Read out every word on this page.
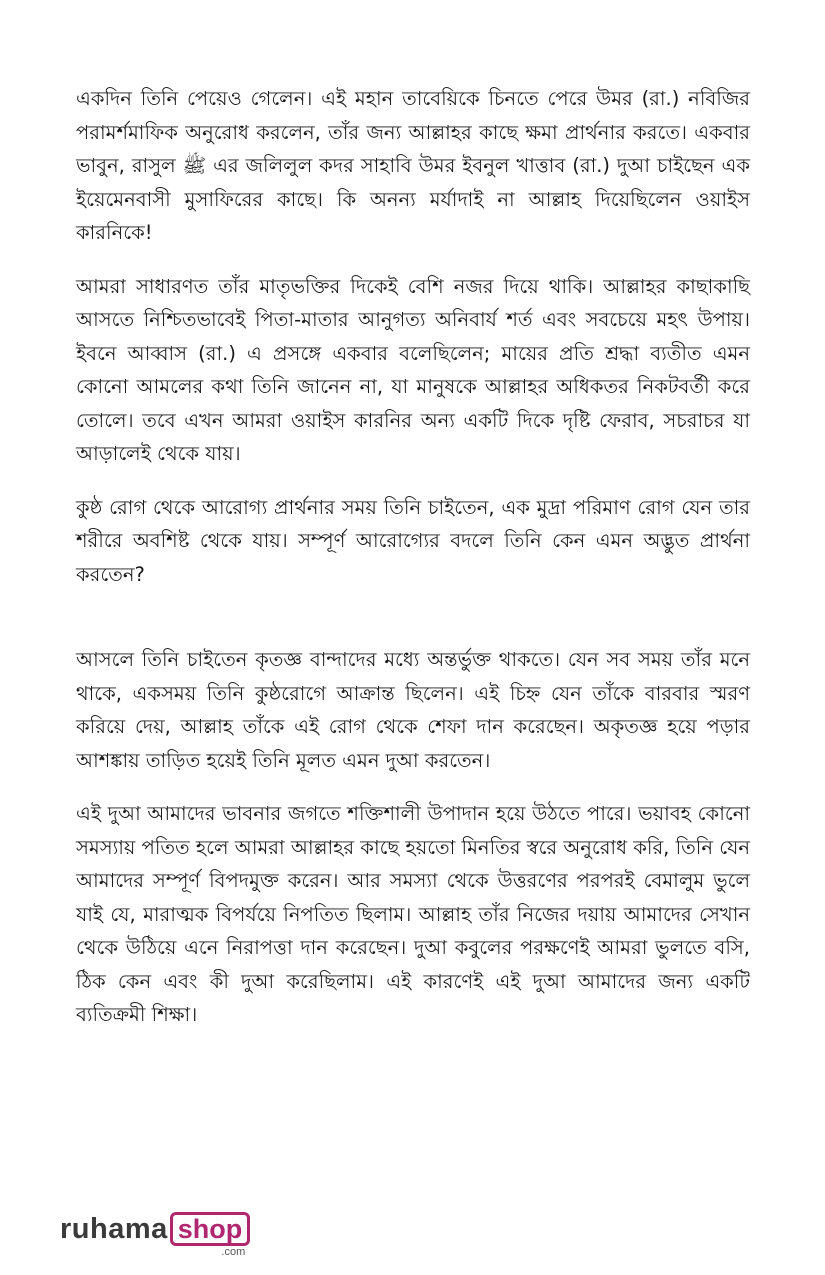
একদিন তিনি পেয়েও গেলেন। এই মহান তাবেয়িকে চিনতে পেরে উমর (রা.) নবিজির পরামর্শমাফিক অনুরোধ করলেন, তাঁর জন্য আল্লাহর কাছে ক্ষমা প্রার্থনার করতে। একবার ভাবুন, রাসুল ﷺ এর জলিলুল কদর সাহাবি উমর ইবনুল খাত্তাব (রা.) দুআ চাইছেন এক ইয়েমেনবাসী মুসাফিরের কাছে। কি অনন্য মর্যাদাই না আল্লাহ দিয়েছিলেন ওয়াইস কারনিকে!

আমরা সাধারণত তাঁর মাতৃভক্তির দিকেই বেশি নজর দিয়ে থাকি। আল্লাহর কাছাকাছি আসতে নিশ্চিতভাবেই পিতা-মাতার আনুগত্য অনিবার্য শর্ত এবং সবচেয়ে মহৎ উপায়। ইবনে আব্বাস (রা.) এ প্রসঙ্গে একবার বলেছিলেন; মায়ের প্রতি শ্রদ্ধা ব্যতীত এমন কোনো আমলের কথা তিনি জানেন না, যা মানুষকে আল্লাহর অধিকতর নিকটবর্তী করে তোলে। তবে এখন আমরা ওয়াইস কারনির অন্য একটি দিকে দৃষ্টি ফেরাব, সচরাচর যা আড়ালেই থেকে যায়।

কুষ্ঠ রোগ থেকে আরোগ্য প্রার্থনার সময় তিনি চাইতেন, এক মুদ্রা পরিমাণ রোগ যেন তার শরীরে অবশিষ্ট থেকে যায়। সম্পূর্ণ আরোগ্যের বদলে তিনি কেন এমন অদ্ভুত প্রার্থনা করতেন?

আসলে তিনি চাইতেন কৃতজ্ঞ বান্দাদের মধ্যে অন্তর্ভুক্ত থাকতে। যেন সব সময় তাঁর মনে থাকে, একসময় তিনি কুষ্ঠরোগে আক্রান্ত ছিলেন। এই চিহ্ন যেন তাঁকে বারবার স্মরণ করিয়ে দেয়, আল্লাহ তাঁকে এই রোগ থেকে শেফা দান করেছেন। অকৃতজ্ঞ হয়ে পড়ার আশঙ্কায় তাড়িত হয়েই তিনি মূলত এমন দুআ করতেন।

এই দুআ আমাদের ভাবনার জগতে শক্তিশালী উপাদান হয়ে উঠতে পারে। ভয়াবহ কোনো সমস্যায় পতিত হলে আমরা আল্লাহর কাছে হয়তো মিনতির স্বরে অনুরোধ করি, তিনি যেন আমাদের সম্পূর্ণ বিপদমুক্ত করেন। আর সমস্যা থেকে উত্তরণের পরপরই বেমালুম ভুলে যাই যে, মারাত্মক বিপর্যয়ে নিপতিত ছিলাম। আল্লাহ তাঁর নিজের দয়ায় আমাদের সেখান থেকে উঠিয়ে এনে নিরাপত্তা দান করেছেন। দুআ কবুলের পরক্ষণেই আমরা ভুলতে বসি, ঠিক কেন এবং কী দুআ করেছিলাম। এই কারণেই এই দুআ আমাদের জন্য একটি ব্যতিক্রমী শিক্ষা।

ruhama shop
.com
